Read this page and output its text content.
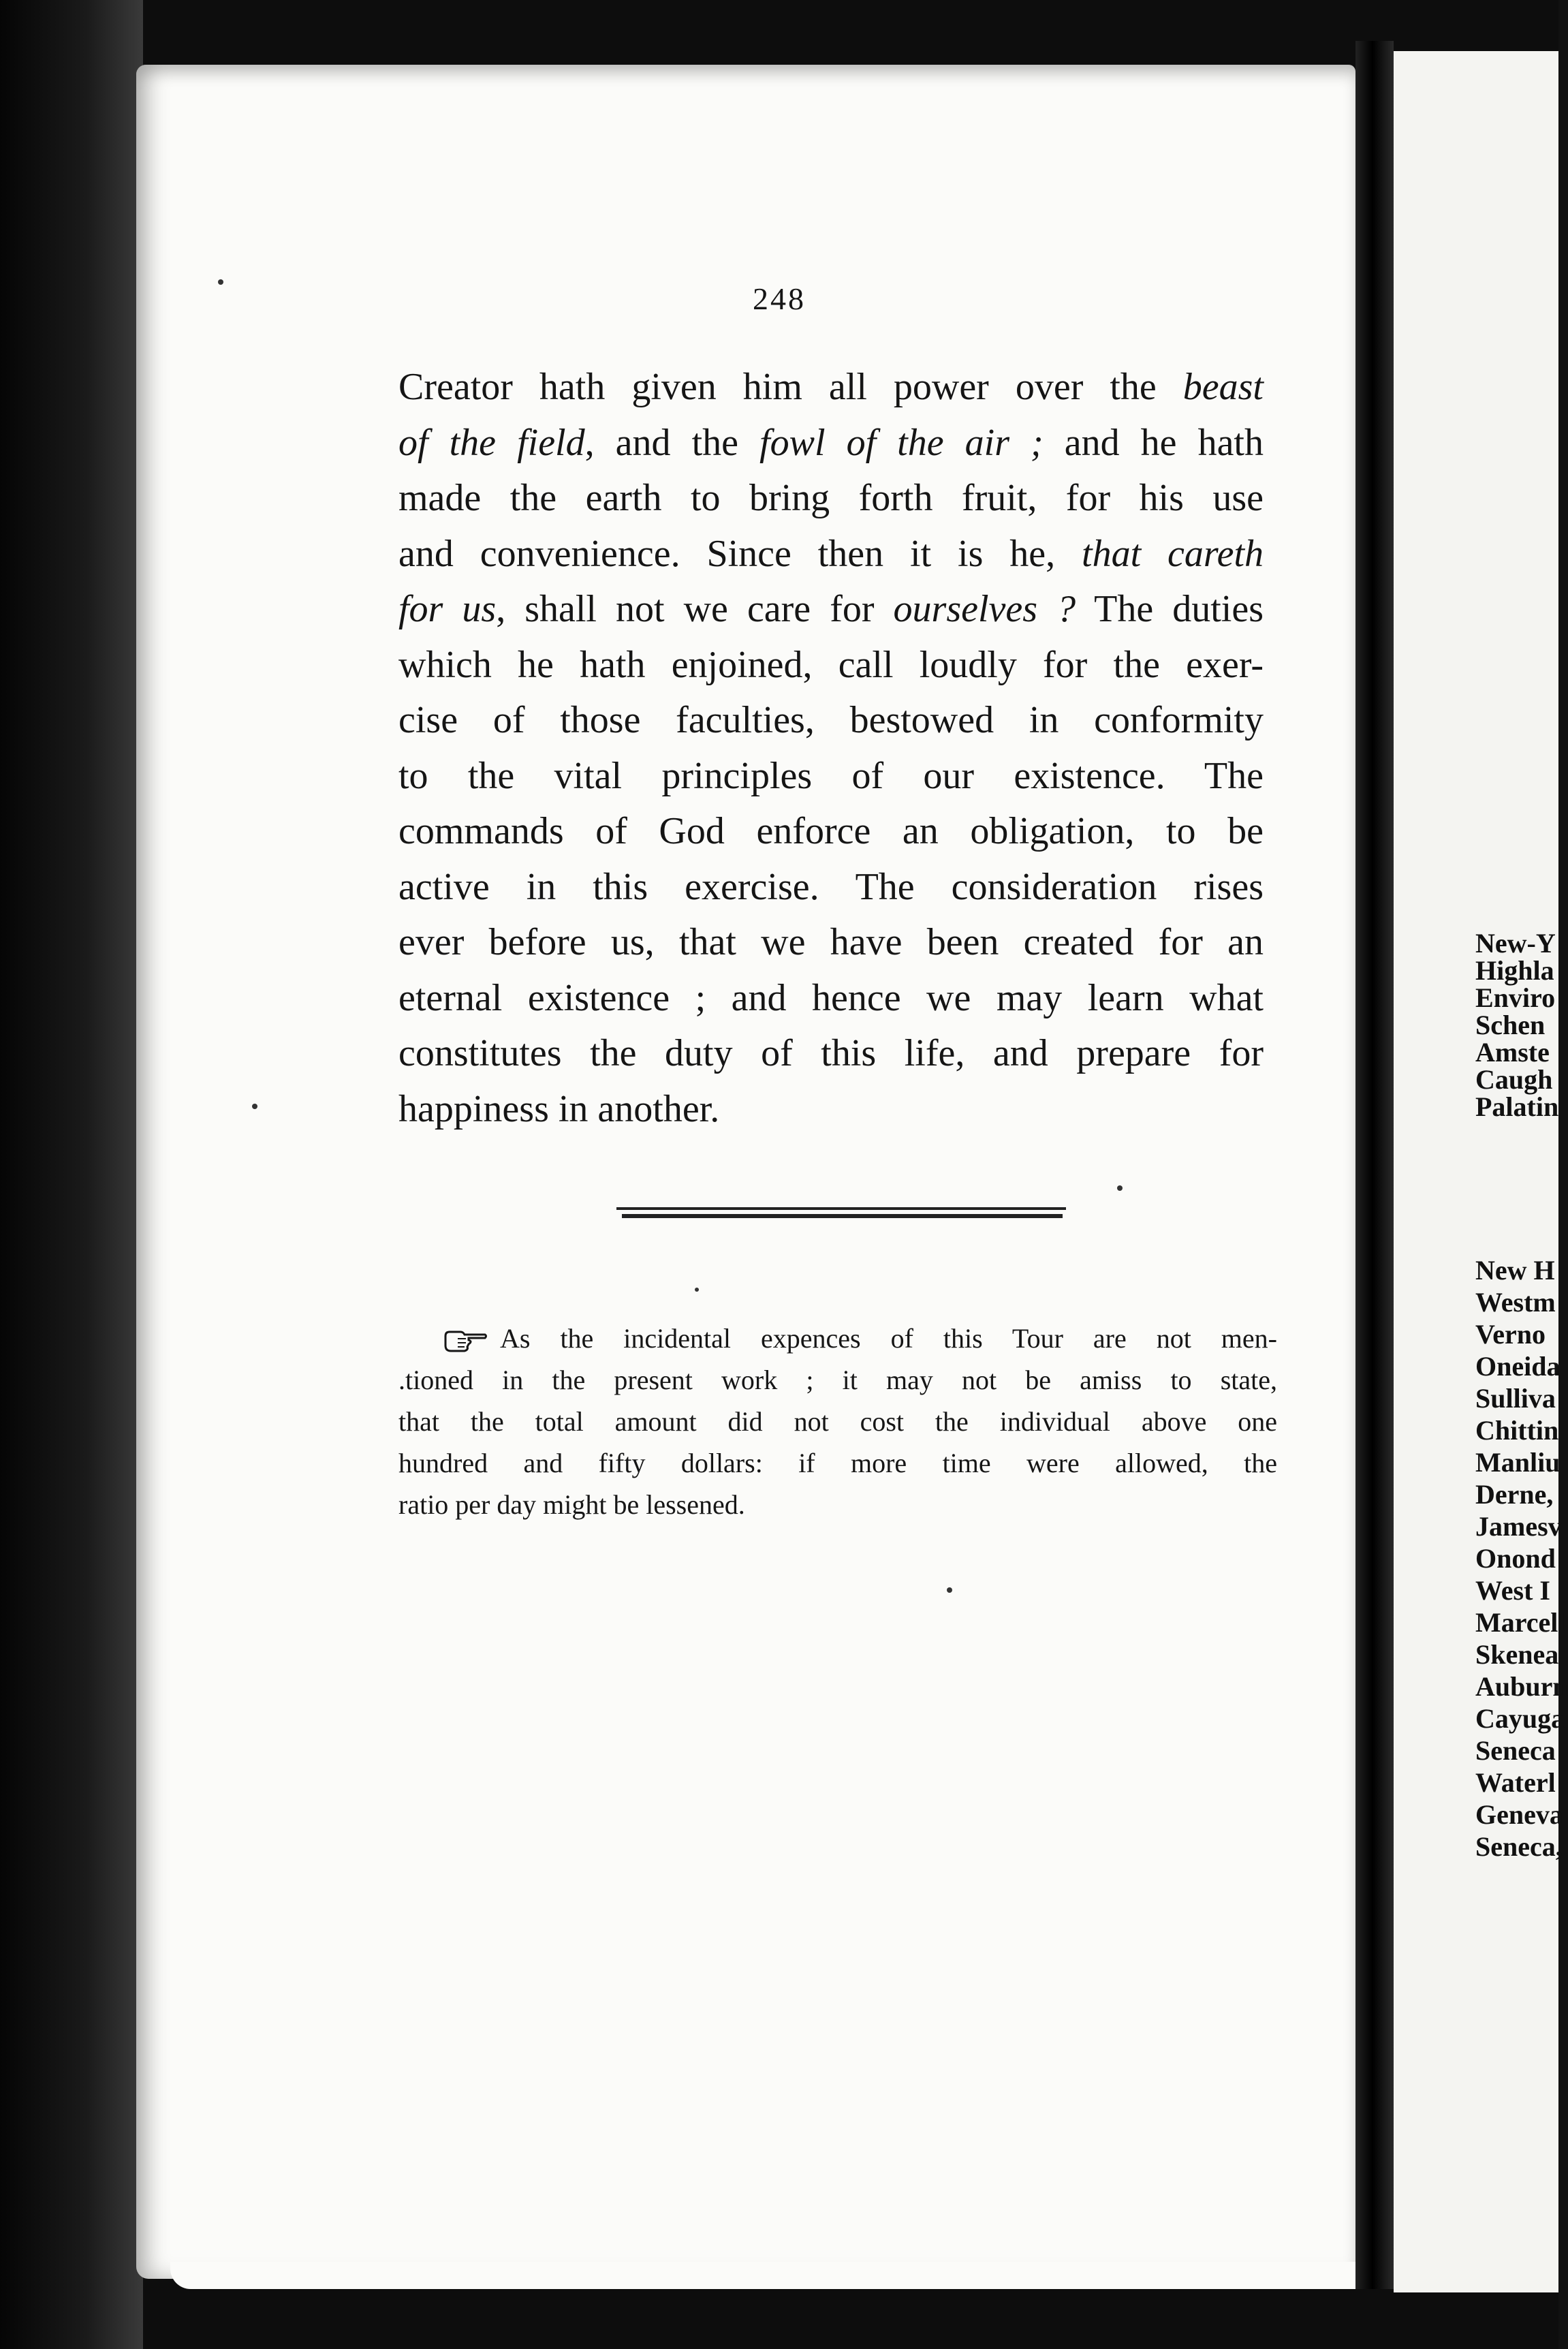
New-Y
Highla
Enviro
Schen
Amste
Caugh
Palatin
New H
Westm
Verno
Oneida
Sulliva
Chittin
Manliu
Derne,
Jamesv
Onond
West I
Marcell
Skenea
Auburn
Cayuga
Seneca
Waterl
Geneva
Seneca,
248
Creator hath given him all power over the beast
of the field, and the fowl of the air ; and he hath
made the earth to bring forth fruit, for his use
and convenience. Since then it is he, that careth
for us, shall not we care for ourselves ? The duties
which he hath enjoined, call loudly for the exer-
cise of those faculties, bestowed in conformity
to the vital principles of our existence. The
commands of God enforce an obligation, to be
active in this exercise. The consideration rises
ever before us, that we have been created for an
eternal existence ; and hence we may learn what
constitutes the duty of this life, and prepare for
happiness in another.
As the incidental expences of this Tour are not men-
.tioned in the present work ; it may not be amiss to state,
that the total amount did not cost the individual above one
hundred and fifty dollars: if more time were allowed, the
ratio per day might be lessened.
